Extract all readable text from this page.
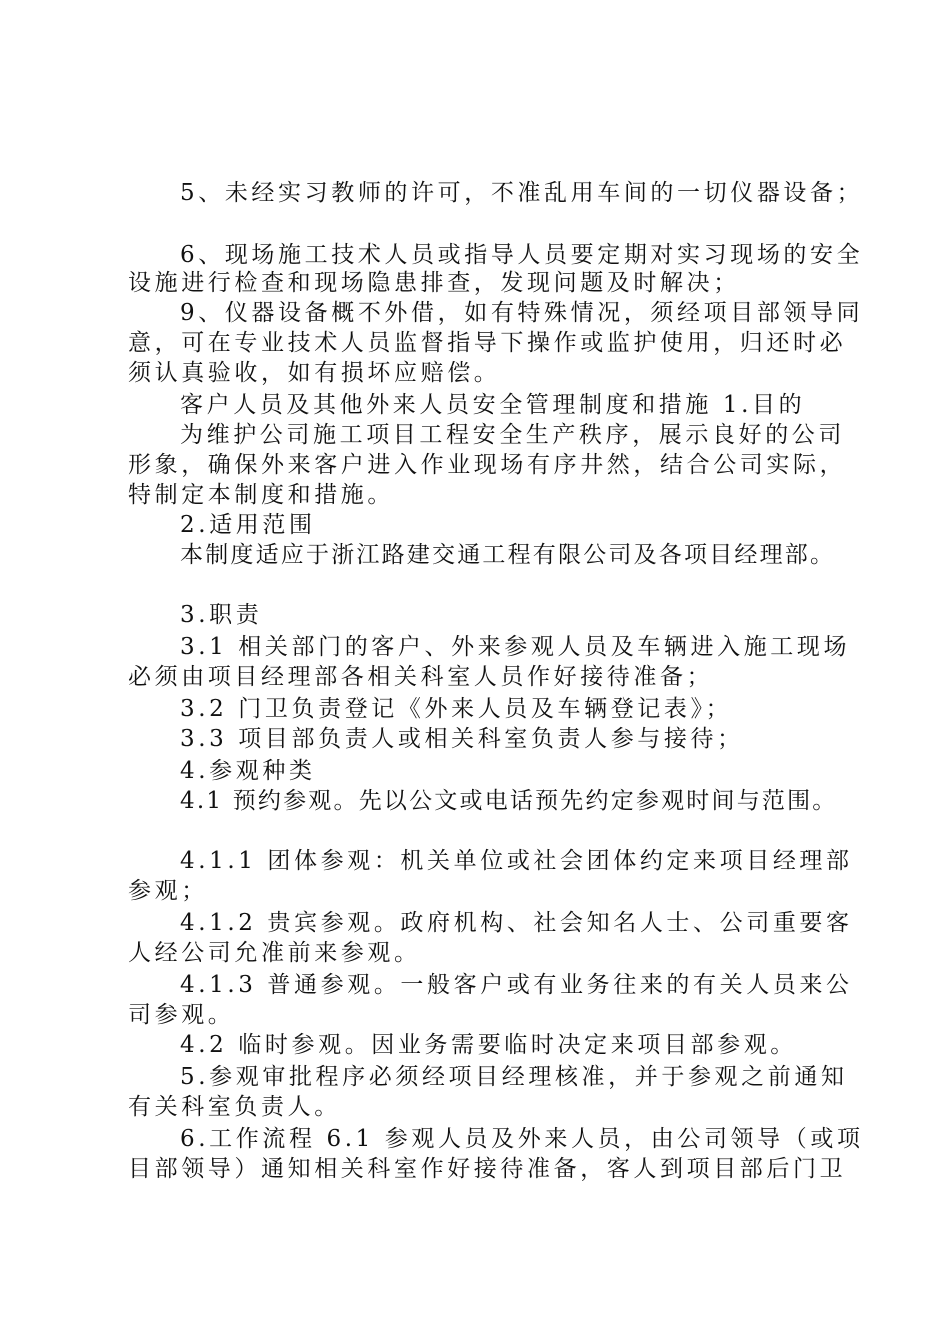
5、未经实习教师的许可，不准乱用车间的一切仪器设备；
6、现场施工技术人员或指导人员要定期对实习现场的安全
设施进行检查和现场隐患排查，发现问题及时解决；
9、仪器设备概不外借，如有特殊情况，须经项目部领导同
意，可在专业技术人员监督指导下操作或监护使用，归还时必
须认真验收，如有损坏应赔偿。
客户人员及其他外来人员安全管理制度和措施 1.目的
为维护公司施工项目工程安全生产秩序，展示良好的公司
形象，确保外来客户进入作业现场有序井然，结合公司实际，
特制定本制度和措施。
2.适用范围
本制度适应于浙江路建交通工程有限公司及各项目经理部。
3.职责
3.1 相关部门的客户、外来参观人员及车辆进入施工现场
必须由项目经理部各相关科室人员作好接待准备；
3.2 门卫负责登记《外来人员及车辆登记表》；
3.3 项目部负责人或相关科室负责人参与接待；
4.参观种类
4.1 预约参观。先以公文或电话预先约定参观时间与范围。
4.1.1 团体参观：机关单位或社会团体约定来项目经理部
参观；
4.1.2 贵宾参观。政府机构、社会知名人士、公司重要客
人经公司允准前来参观。
4.1.3 普通参观。一般客户或有业务往来的有关人员来公
司参观。
4.2 临时参观。因业务需要临时决定来项目部参观。
5.参观审批程序必须经项目经理核准，并于参观之前通知
有关科室负责人。
6.工作流程 6.1 参观人员及外来人员，由公司领导（或项
目部领导）通知相关科室作好接待准备，客人到项目部后门卫
